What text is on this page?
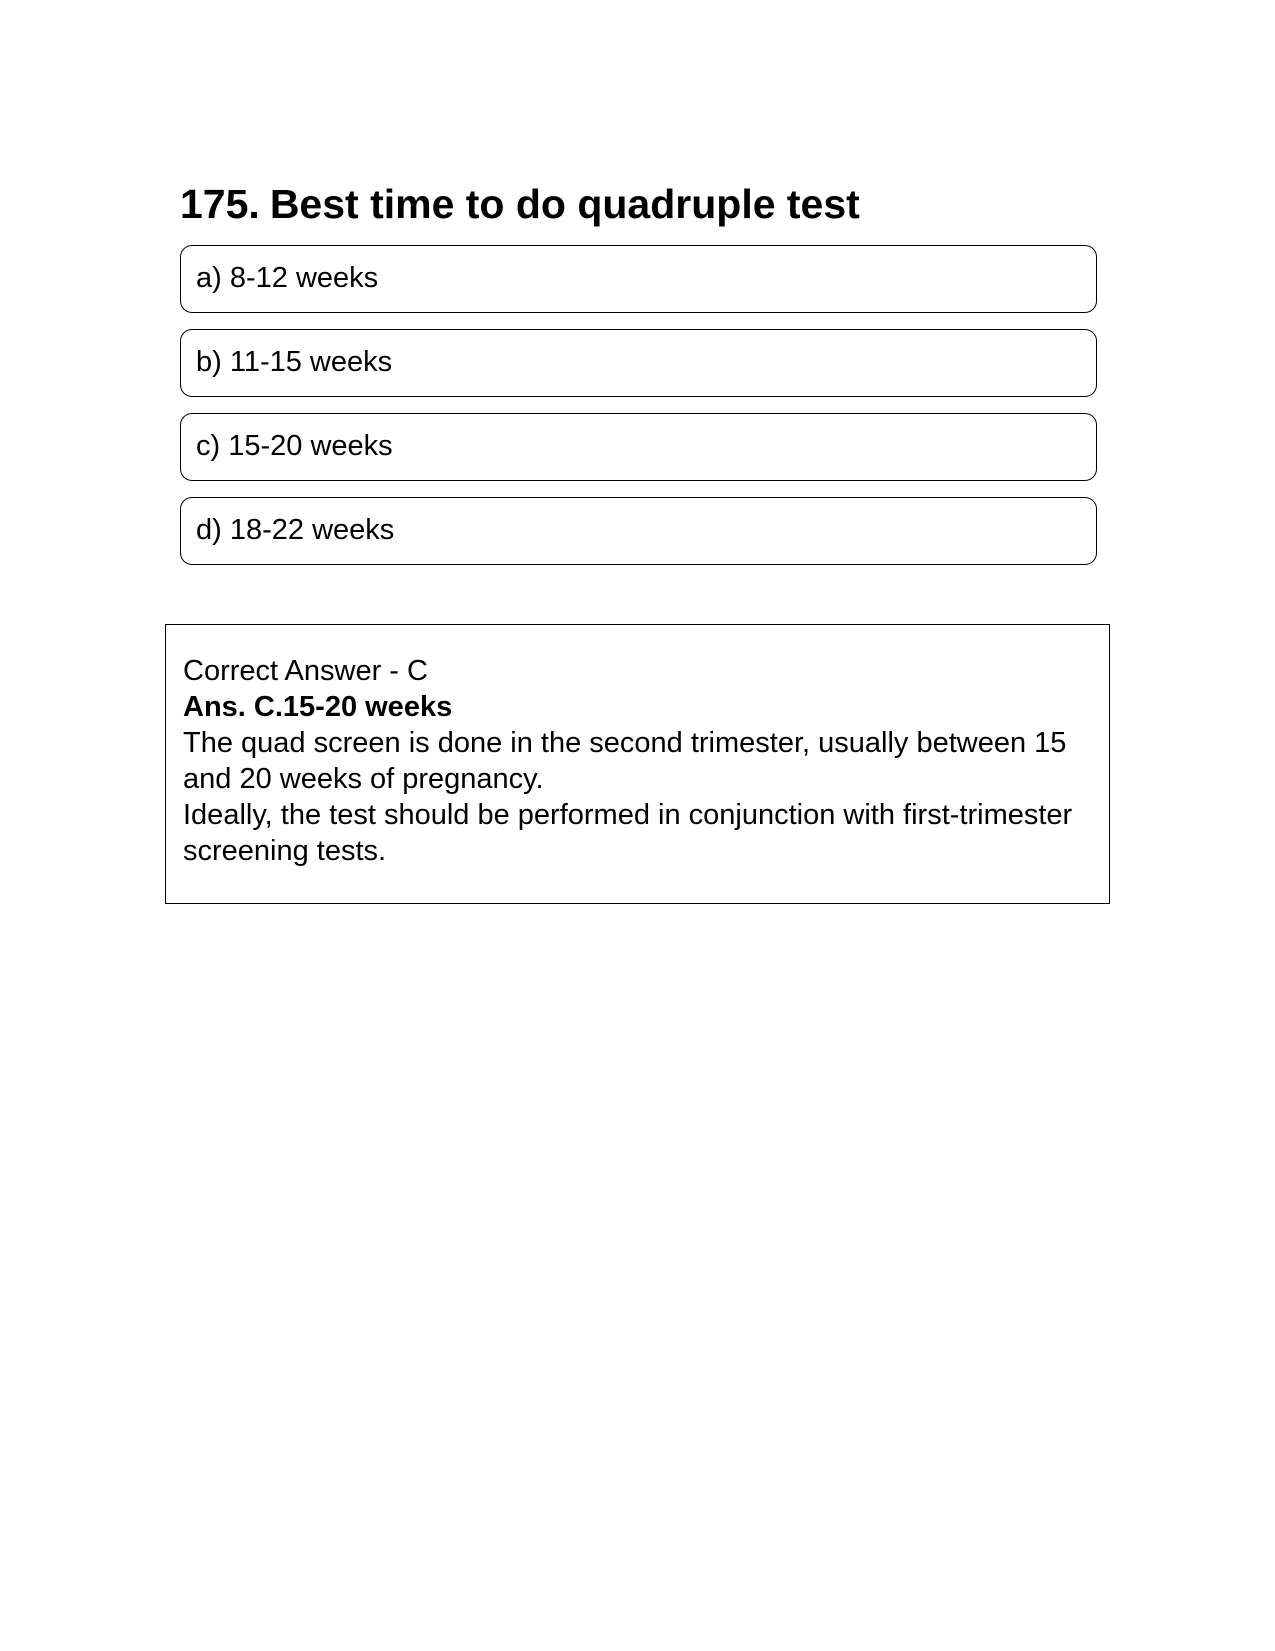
175. Best time to do quadruple test
a) 8-12 weeks
b) 11-15 weeks
c) 15-20 weeks
d) 18-22 weeks
Correct Answer - C
Ans. C.15-20 weeks
The quad screen is done in the second trimester, usually between 15 and 20 weeks of pregnancy.
Ideally, the test should be performed in conjunction with first-trimester screening tests.
